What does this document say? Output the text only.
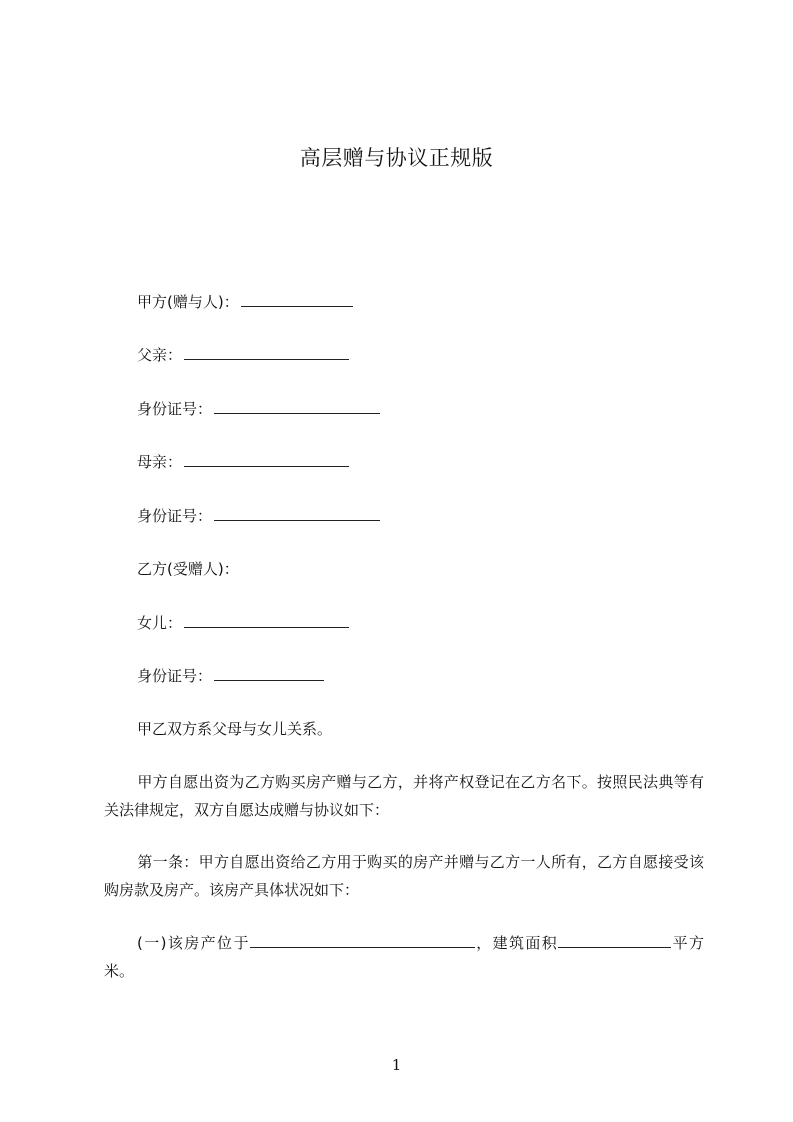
高层赠与协议正规版
甲方(赠与人)：
父亲：
身份证号：
母亲：
身份证号：
乙方(受赠人)：
女儿：
身份证号：
甲乙双方系父母与女儿关系。
甲方自愿出资为乙方购买房产赠与乙方，并将产权登记在乙方名下。按照民法典等有关法律规定，双方自愿达成赠与协议如下：
第一条：甲方自愿出资给乙方用于购买的房产并赠与乙方一人所有，乙方自愿接受该购房款及房产。该房产具体状况如下：
(一)该房产位于	，建筑面积	平方米。
1
